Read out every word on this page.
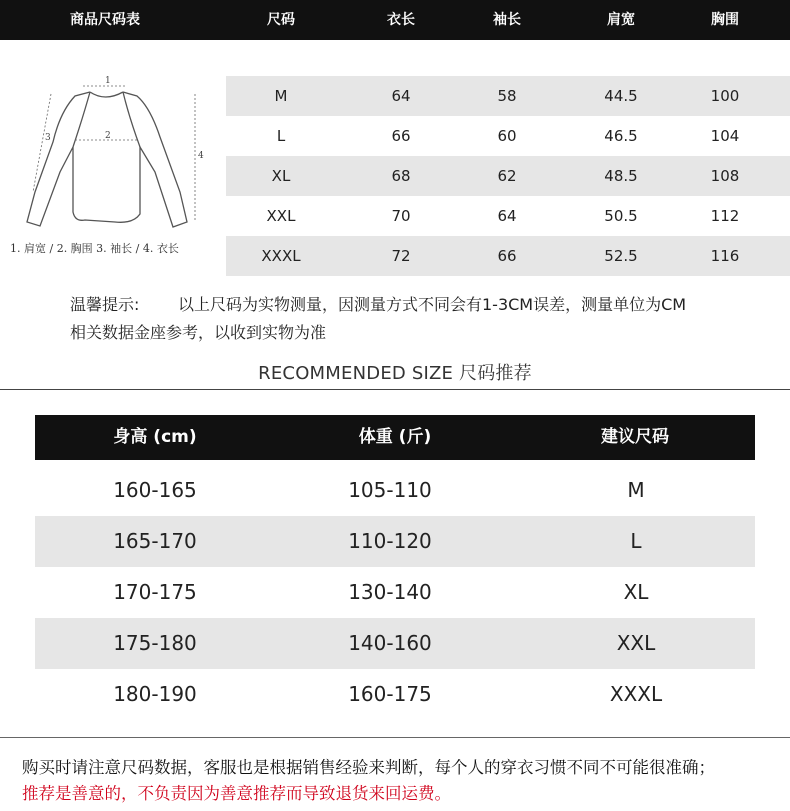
商品尺码表	尺码	衣长	袖长	肩宽	胸围
1
2
3
4
1. 肩宽 / 2. 胸围 3. 袖长 / 4. 衣长
M	64	58	44.5	100
L	66	60	46.5	104
XL	68	62	48.5	108
XXL	70	64	50.5	112
XXXL	72	66	52.5	116
温馨提示: 以上尺码为实物测量，因测量方式不同会有1-3CM误差，测量单位为CM
相关数据金座参考，以收到实物为准
RECOMMENDED SIZE 尺码推荐
身高 (cm)	体重 (斤)	建议尺码
160-165	105-110	M
165-170	110-120	L
170-175	130-140	XL
175-180	140-160	XXL
180-190	160-175	XXXL
购买时请注意尺码数据，客服也是根据销售经验来判断，每个人的穿衣习惯不同不可能很准确；
推荐是善意的，不负责因为善意推荐而导致退货来回运费。
